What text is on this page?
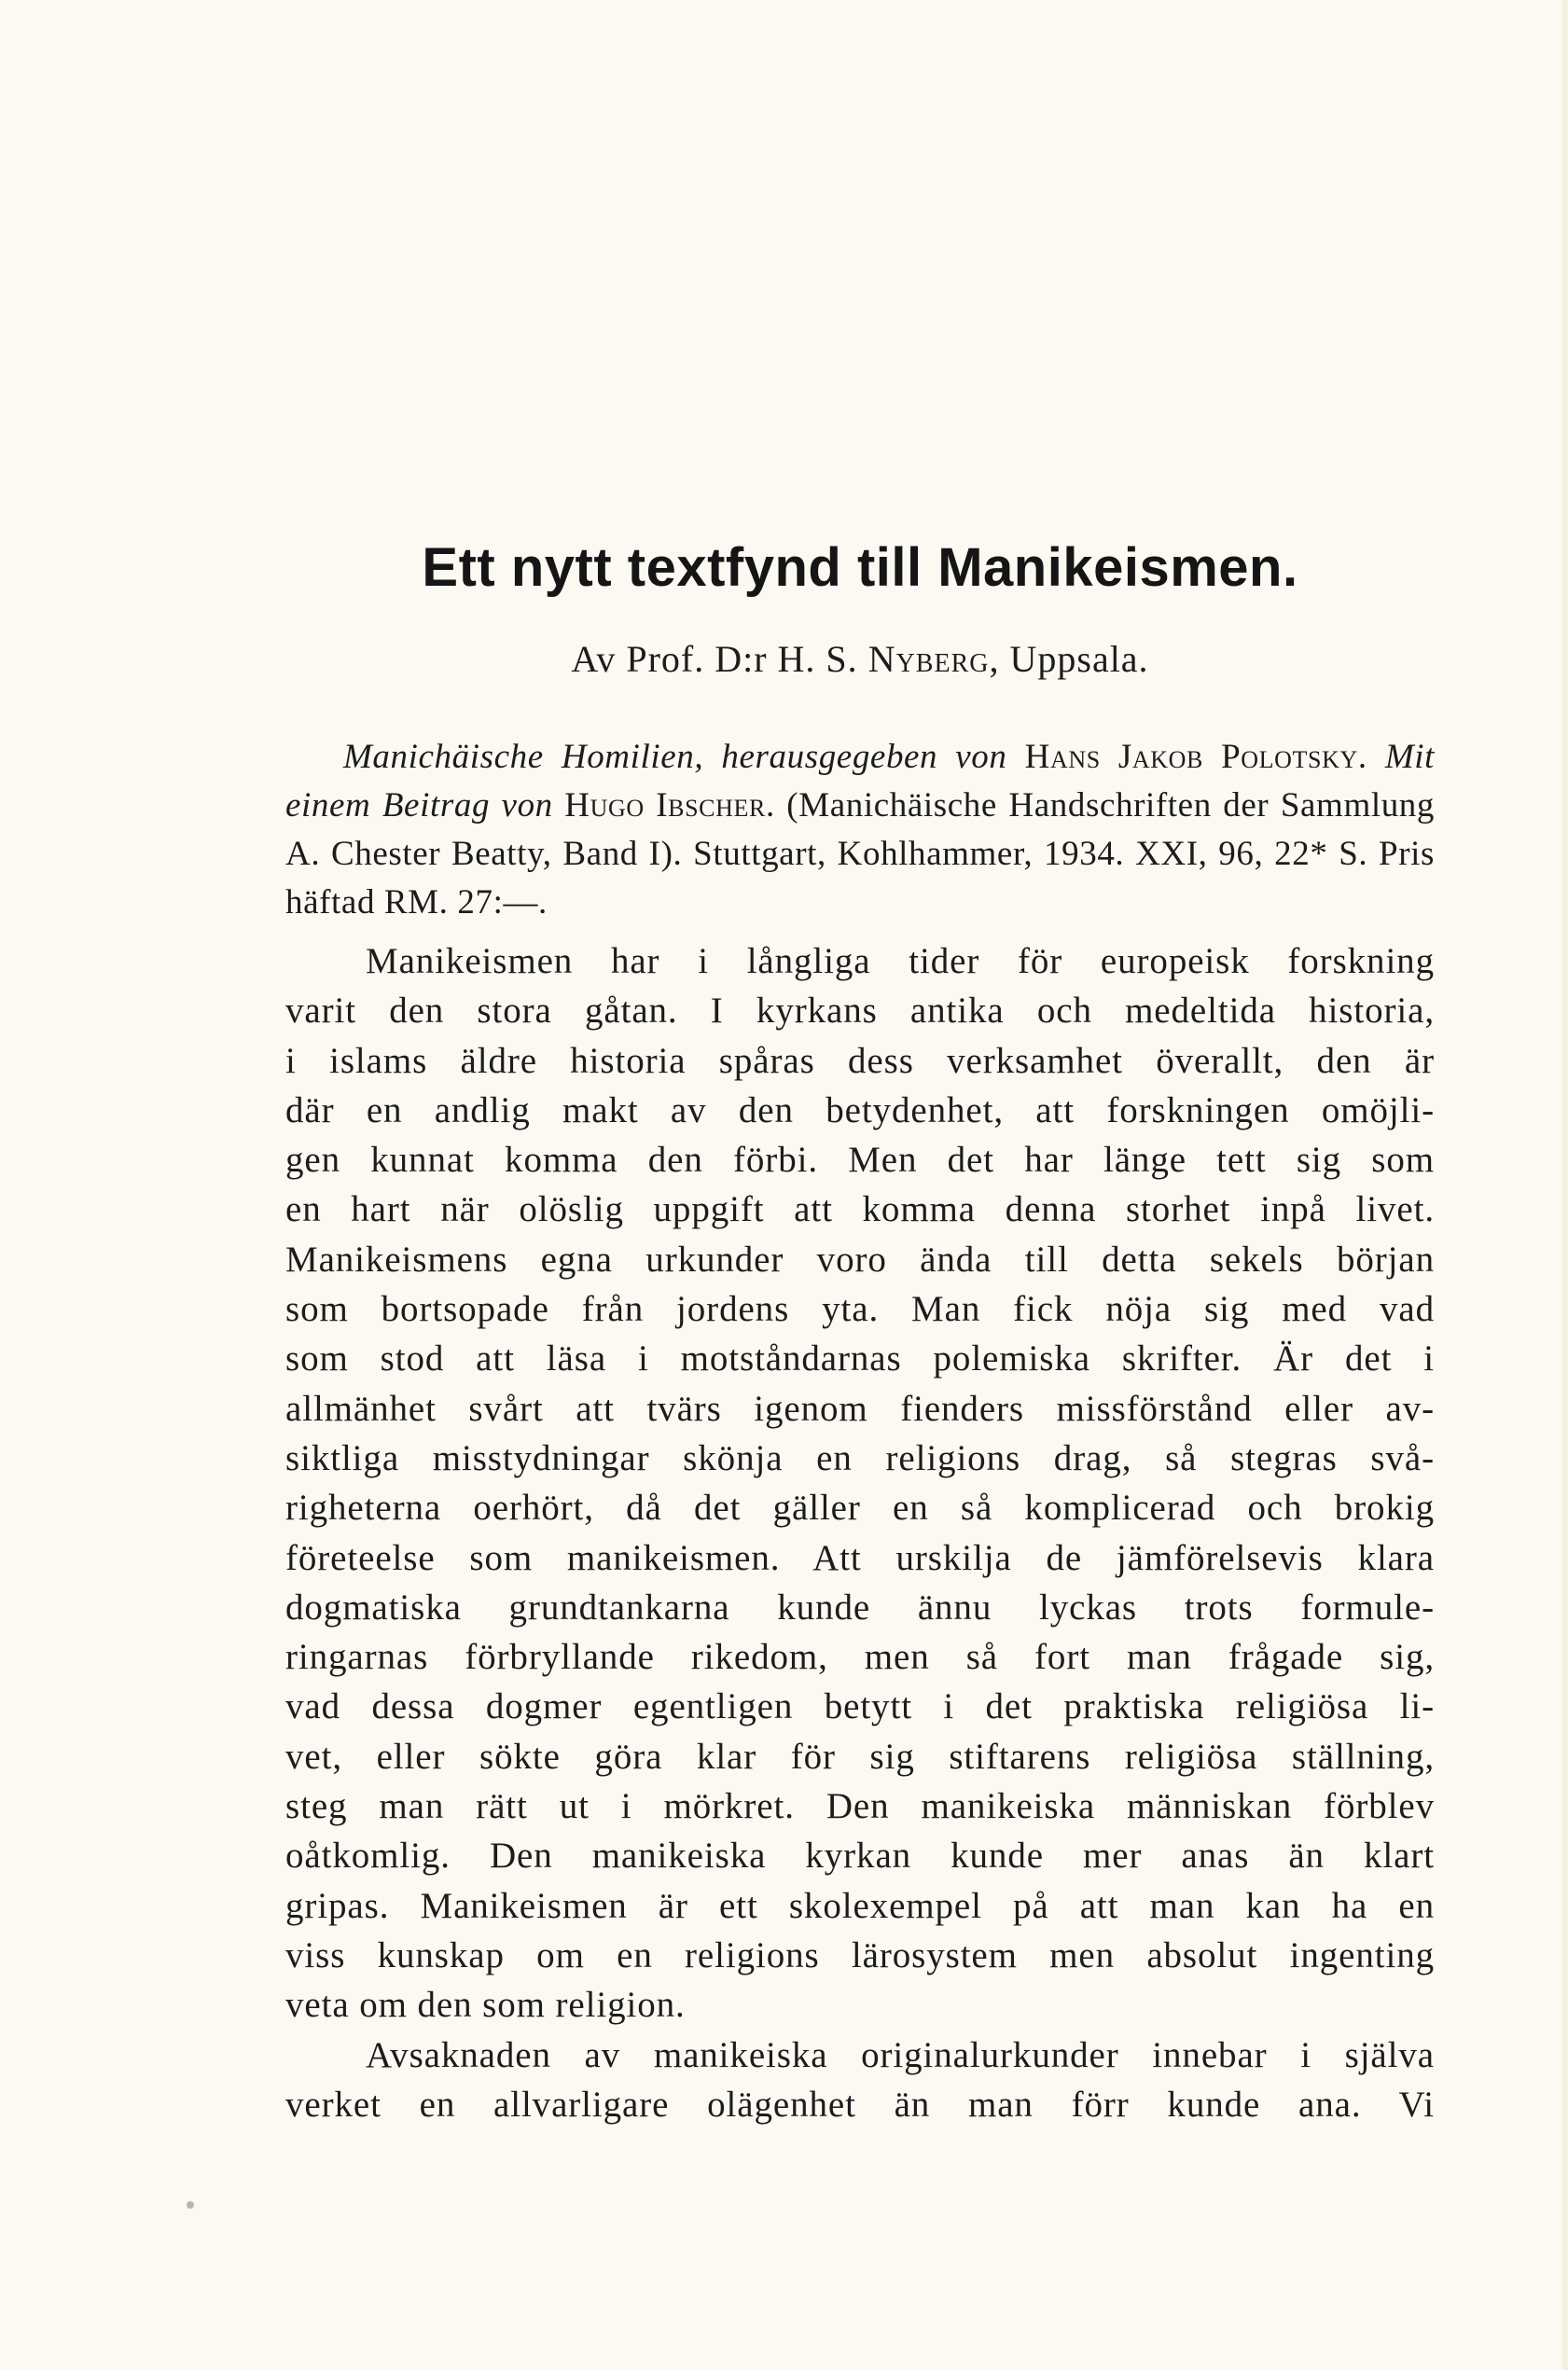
Ett nytt textfynd till Manikeismen.
Av Prof. D:r H. S. Nyberg, Uppsala.

Manichäische Homilien, herausgegeben von Hans Jakob Polotsky. Mit einem Beitrag von Hugo Ibscher. (Manichäische Handschriften der Sammlung A. Chester Beatty, Band I). Stuttgart, Kohlhammer, 1934. XXI, 96, 22* S. Pris häftad RM. 27:—.

Manikeismen har i långliga tider för europeisk forskning
varit den stora gåtan. I kyrkans antika och medeltida historia,
i islams äldre historia spåras dess verksamhet överallt, den är
där en andlig makt av den betydenhet, att forskningen omöjli-
gen kunnat komma den förbi. Men det har länge tett sig som
en hart när olöslig uppgift att komma denna storhet inpå livet.
Manikeismens egna urkunder voro ända till detta sekels början
som bortsopade från jordens yta. Man fick nöja sig med vad
som stod att läsa i motståndarnas polemiska skrifter. Är det i
allmänhet svårt att tvärs igenom fienders missförstånd eller av-
siktliga misstydningar skönja en religions drag, så stegras svå-
righeterna oerhört, då det gäller en så komplicerad och brokig
företeelse som manikeismen. Att urskilja de jämförelsevis klara
dogmatiska grundtankarna kunde ännu lyckas trots formule-
ringarnas förbryllande rikedom, men så fort man frågade sig,
vad dessa dogmer egentligen betytt i det praktiska religiösa li-
vet, eller sökte göra klar för sig stiftarens religiösa ställning,
steg man rätt ut i mörkret. Den manikeiska människan förblev
oåtkomlig. Den manikeiska kyrkan kunde mer anas än klart
gripas. Manikeismen är ett skolexempel på att man kan ha en
viss kunskap om en religions lärosystem men absolut ingenting
veta om den som religion.
Avsaknaden av manikeiska originalurkunder innebar i själva
verket en allvarligare olägenhet än man förr kunde ana. Vi
